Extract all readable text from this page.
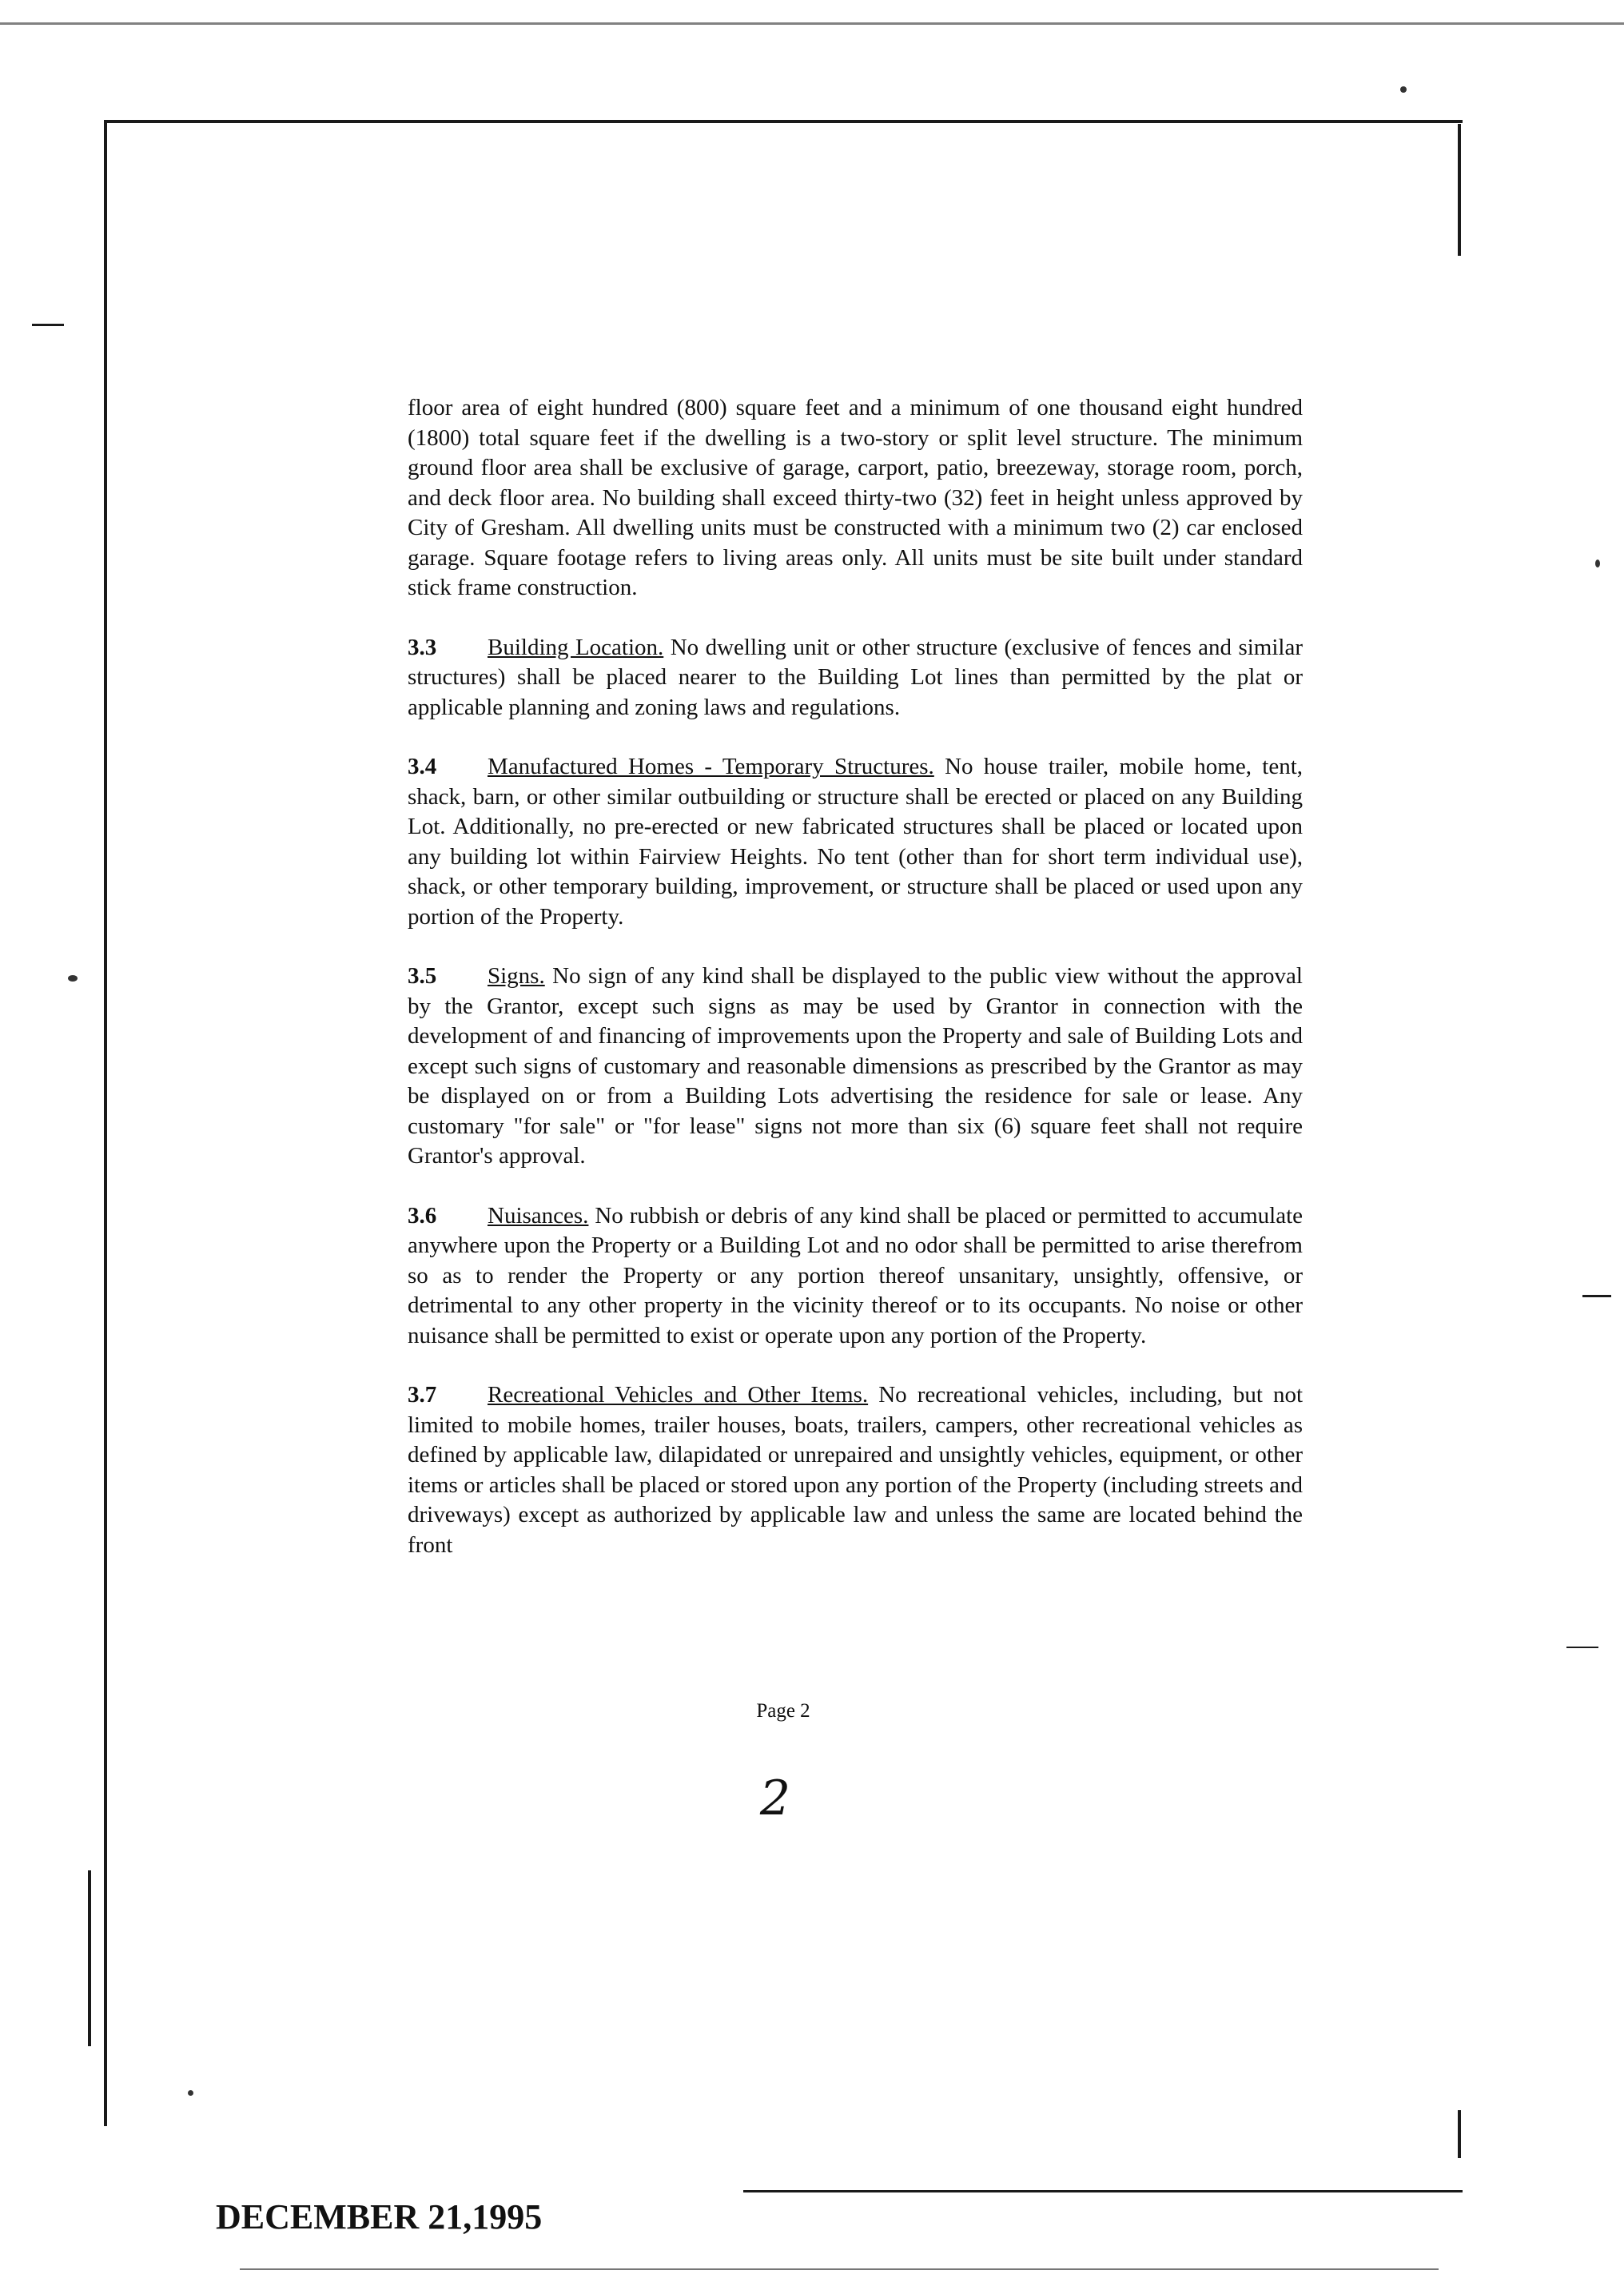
floor area of eight hundred (800) square feet and a minimum of one thousand eight hundred (1800) total square feet if the dwelling is a two-story or split level structure. The minimum ground floor area shall be exclusive of garage, carport, patio, breezeway, storage room, porch, and deck floor area. No building shall exceed thirty-two (32) feet in height unless approved by City of Gresham. All dwelling units must be constructed with a minimum two (2) car enclosed garage. Square footage refers to living areas only. All units must be site built under standard stick frame construction.

3.3 Building Location. No dwelling unit or other structure (exclusive of fences and similar structures) shall be placed nearer to the Building Lot lines than permitted by the plat or applicable planning and zoning laws and regulations.

3.4 Manufactured Homes - Temporary Structures. No house trailer, mobile home, tent, shack, barn, or other similar outbuilding or structure shall be erected or placed on any Building Lot. Additionally, no pre-erected or new fabricated structures shall be placed or located upon any building lot within Fairview Heights. No tent (other than for short term individual use), shack, or other temporary building, improvement, or structure shall be placed or used upon any portion of the Property.

3.5 Signs. No sign of any kind shall be displayed to the public view without the approval by the Grantor, except such signs as may be used by Grantor in connection with the development of and financing of improvements upon the Property and sale of Building Lots and except such signs of customary and reasonable dimensions as prescribed by the Grantor as may be displayed on or from a Building Lots advertising the residence for sale or lease. Any customary "for sale" or "for lease" signs not more than six (6) square feet shall not require Grantor's approval.

3.6 Nuisances. No rubbish or debris of any kind shall be placed or permitted to accumulate anywhere upon the Property or a Building Lot and no odor shall be permitted to arise therefrom so as to render the Property or any portion thereof unsanitary, unsightly, offensive, or detrimental to any other property in the vicinity thereof or to its occupants. No noise or other nuisance shall be permitted to exist or operate upon any portion of the Property.

3.7 Recreational Vehicles and Other Items. No recreational vehicles, including, but not limited to mobile homes, trailer houses, boats, trailers, campers, other recreational vehicles as defined by applicable law, dilapidated or unrepaired and unsightly vehicles, equipment, or other items or articles shall be placed or stored upon any portion of the Property (including streets and driveways) except as authorized by applicable law and unless the same are located behind the front

Page 2
2
DECEMBER 21,1995
